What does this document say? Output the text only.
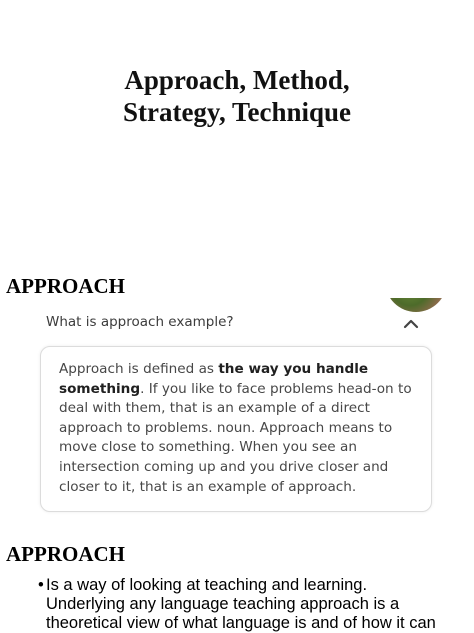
Approach, Method,
Strategy, Technique
APPROACH
What is approach example?
Approach is defined as the way you handle something. If you like to face problems head-on to deal with them, that is an example of a direct approach to problems. noun. Approach means to move close to something. When you see an intersection coming up and you drive closer and closer to it, that is an example of approach.
APPROACH
• Is a way of looking at teaching and learning.
Underlying any language teaching approach is a
theoretical view of what language is and of how it can
